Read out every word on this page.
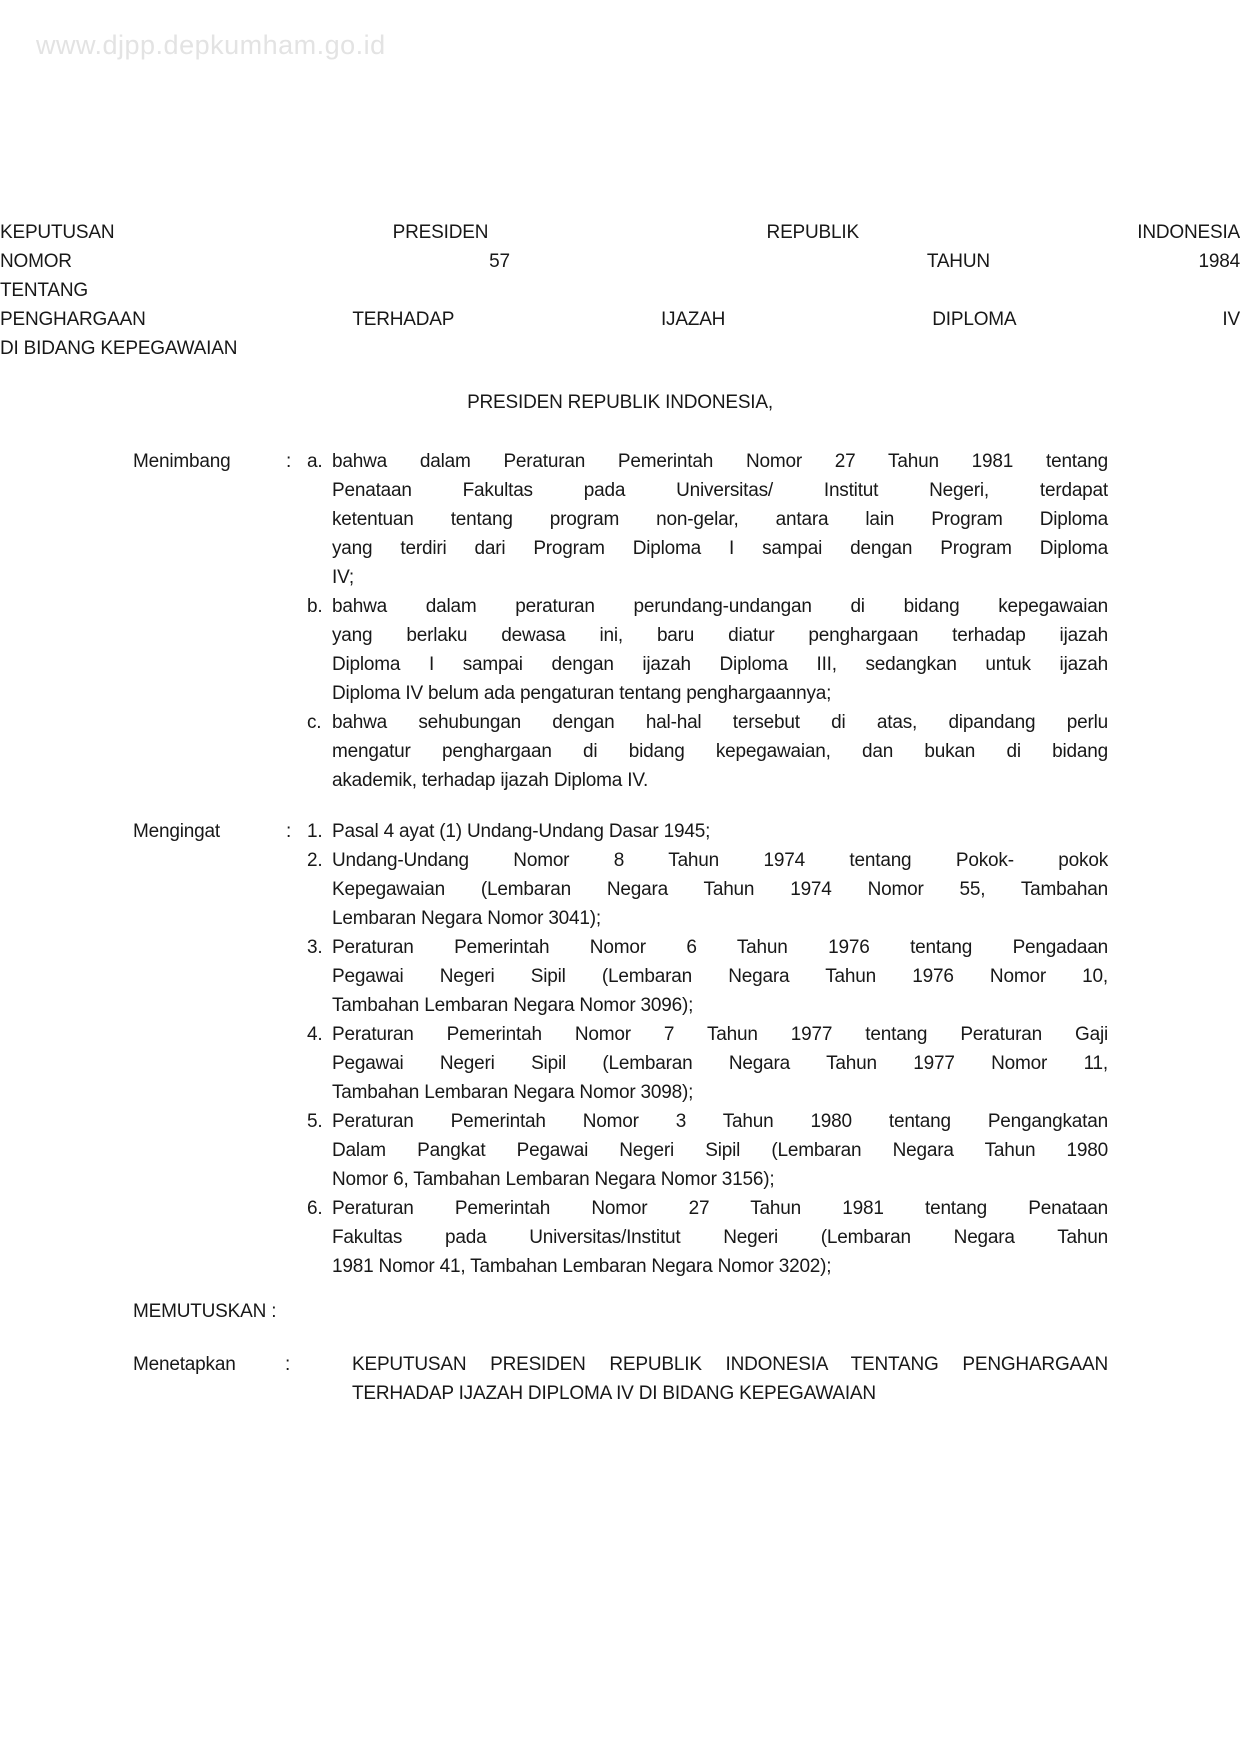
www.djpp.depkumham.go.id
KEPUTUSAN PRESIDEN REPUBLIK INDONESIA
NOMOR  57  TAHUN 1984
TENTANG
PENGHARGAAN TERHADAP IJAZAH DIPLOMA IV
DI BIDANG KEPEGAWAIAN
PRESIDEN REPUBLIK INDONESIA,
Menimbang	: a. bahwa dalam Peraturan Pemerintah Nomor 27 Tahun 1981 tentang
Penataan Fakultas pada Universitas/ Institut Negeri, terdapat
ketentuan tentang program non-gelar, antara lain Program Diploma
yang terdiri dari Program Diploma I sampai dengan Program Diploma
IV;
b. bahwa dalam peraturan perundang-undangan di bidang kepegawaian
yang berlaku dewasa ini, baru diatur penghargaan terhadap ijazah
Diploma I sampai dengan ijazah Diploma III, sedangkan untuk ijazah
Diploma IV belum ada pengaturan tentang penghargaannya;
c. bahwa sehubungan dengan hal-hal tersebut di atas, dipandang perlu
mengatur penghargaan di bidang kepegawaian, dan bukan di bidang
akademik, terhadap ijazah Diploma IV.
Mengingat	: 1. Pasal 4 ayat (1) Undang-Undang Dasar 1945;
2. Undang-Undang Nomor 8 Tahun 1974 tentang Pokok- pokok
Kepegawaian (Lembaran Negara Tahun 1974 Nomor 55, Tambahan
Lembaran Negara Nomor 3041);
3. Peraturan Pemerintah Nomor 6 Tahun 1976 tentang Pengadaan
Pegawai Negeri Sipil (Lembaran Negara Tahun 1976 Nomor 10,
Tambahan Lembaran Negara Nomor 3096);
4. Peraturan Pemerintah Nomor 7 Tahun 1977 tentang Peraturan Gaji
Pegawai Negeri Sipil (Lembaran Negara Tahun 1977 Nomor 11,
Tambahan Lembaran Negara Nomor 3098);
5. Peraturan Pemerintah Nomor 3 Tahun 1980 tentang Pengangkatan
Dalam Pangkat Pegawai Negeri Sipil (Lembaran Negara Tahun 1980
Nomor 6, Tambahan Lembaran Negara Nomor 3156);
6. Peraturan Pemerintah Nomor 27 Tahun 1981 tentang Penataan
Fakultas pada Universitas/Institut Negeri (Lembaran Negara Tahun
1981 Nomor 41, Tambahan Lembaran Negara Nomor 3202);
MEMUTUSKAN :
Menetapkan	:	KEPUTUSAN PRESIDEN REPUBLIK INDONESIA TENTANG PENGHARGAAN
TERHADAP IJAZAH DIPLOMA IV DI BIDANG KEPEGAWAIAN
